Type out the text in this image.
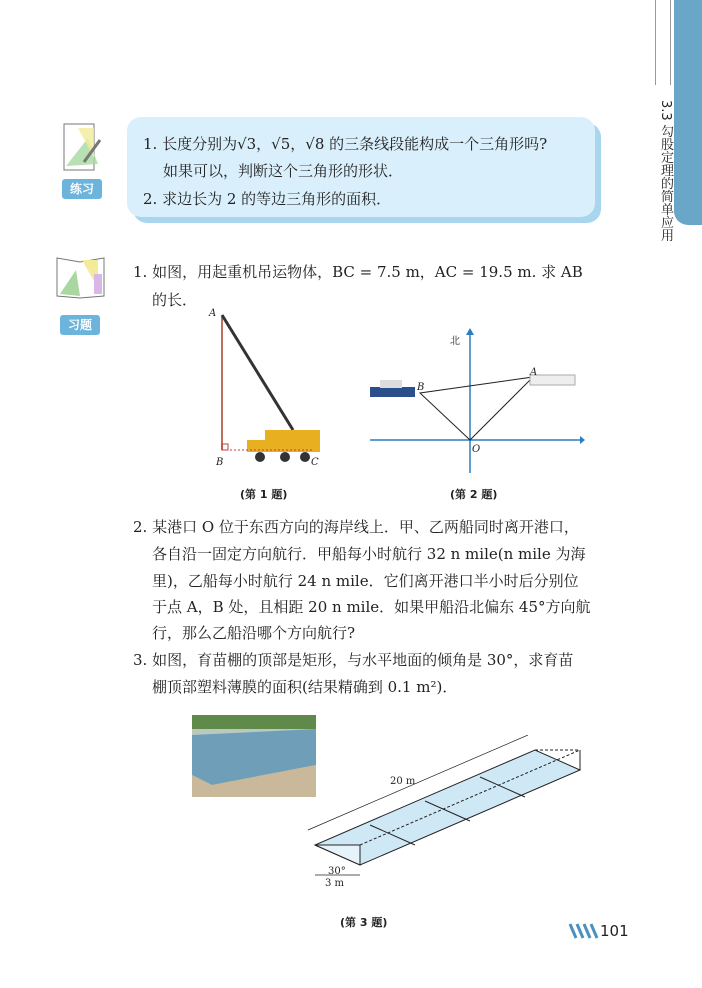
3.3 勾股定理的简单应用
练习
1. 长度分别为√3，√5，√8 的三条线段能构成一个三角形吗?
如果可以，判断这个三角形的形状．
2. 求边长为 2 的等边三角形的面积．
习题
1. 如图，用起重机吊运物体，BC = 7.5 m，AC = 19.5 m. 求 AB
的长．
A
B	C
(第 1 题)
北
B
A
O
(第 2 题)
2. 某港口 O 位于东西方向的海岸线上．甲、乙两船同时离开港口，
各自沿一固定方向航行．甲船每小时航行 32 n mile(n mile 为海
里)，乙船每小时航行 24 n mile．它们离开港口半小时后分别位
于点 A，B 处，且相距 20 n mile．如果甲船沿北偏东 45°方向航
行，那么乙船沿哪个方向航行?
3. 如图，育苗棚的顶部是矩形，与水平地面的倾角是 30°，求育苗
棚顶部塑料薄膜的面积(结果精确到 0.1 m²)．
20 m
30°
3 m
(第 3 题)	101
